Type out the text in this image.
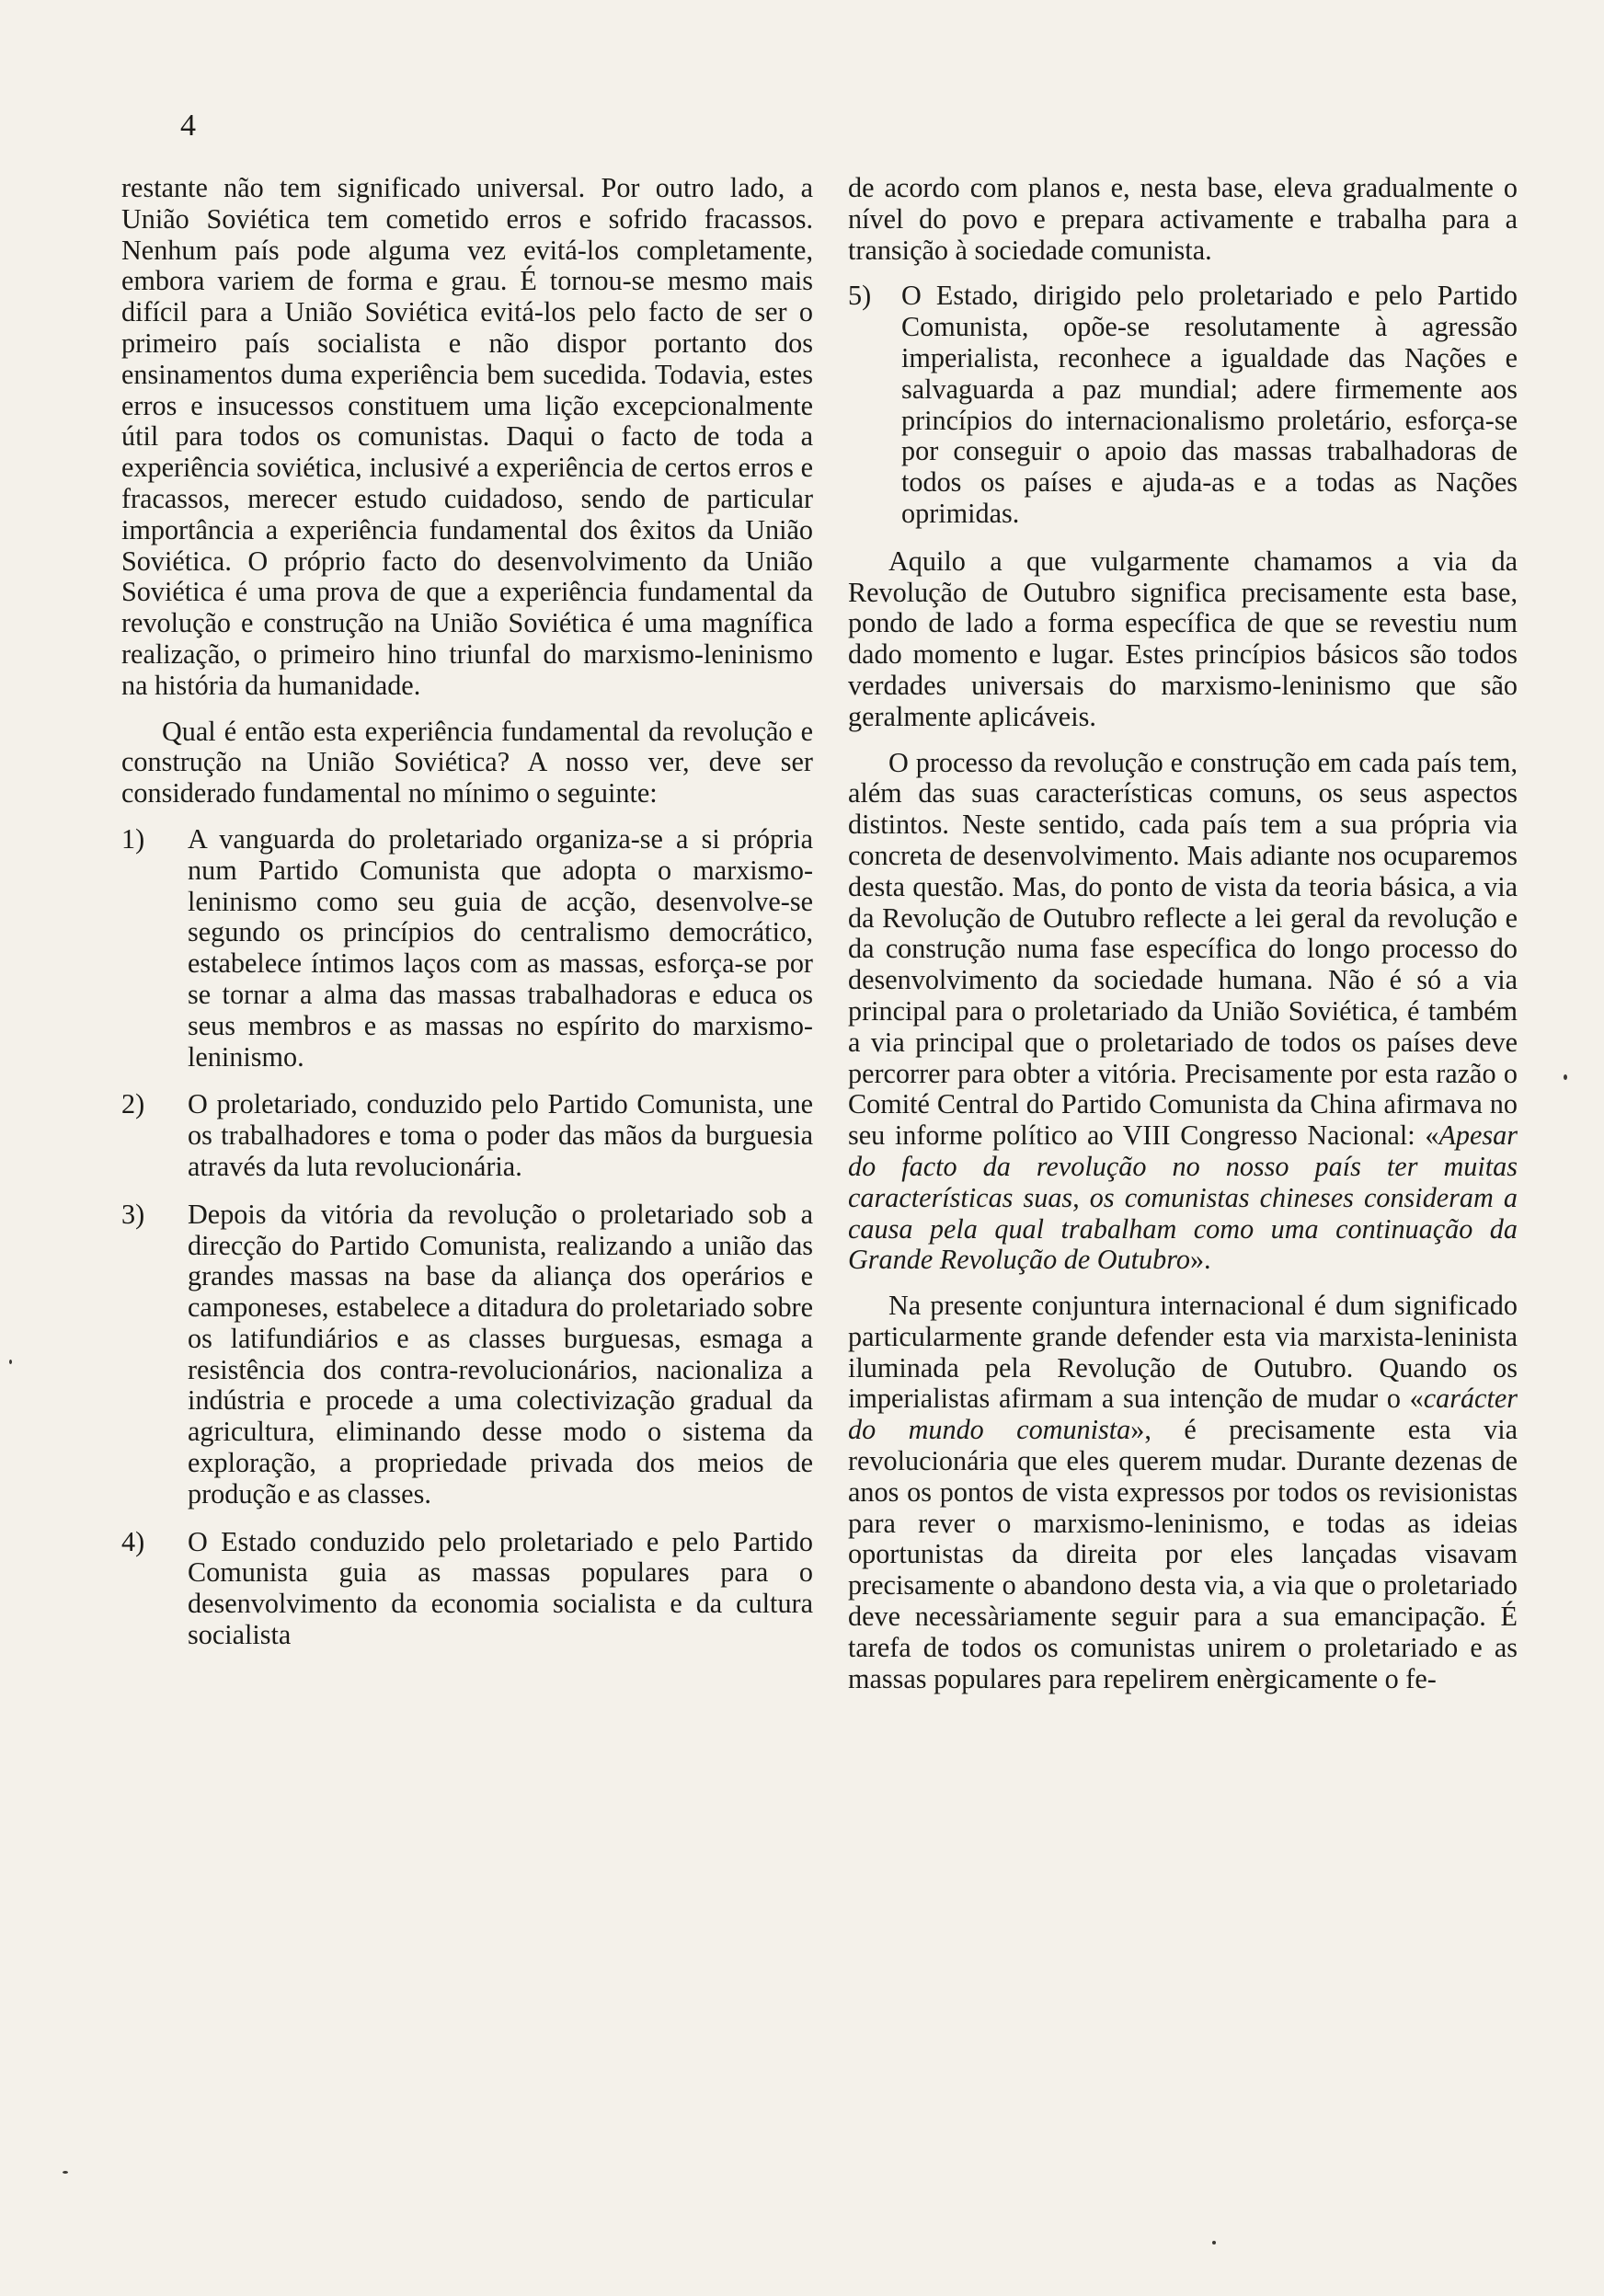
4

restante não tem significado universal. Por outro lado, a União Soviética tem cometido erros e sofrido fracassos. Nenhum país pode alguma vez evitá-los completamente, embora variem de forma e grau. É tornou-se mesmo mais difícil para a União Soviética evitá-los pelo facto de ser o primeiro país socialista e não dispor portanto dos ensinamentos duma experiência bem sucedida. Todavia, estes erros e insucessos constituem uma lição excepcionalmente útil para todos os comunistas. Daqui o facto de toda a experiência soviética, inclusivé a experiência de certos erros e fracassos, merecer estudo cuidadoso, sendo de particular importância a experiência fundamental dos êxitos da União Soviética. O próprio facto do desenvolvimento da União Soviética é uma prova de que a experiência fundamental da revolução e construção na União Soviética é uma magnífica realização, o primeiro hino triunfal do marxismo-leninismo na história da humanidade.

Qual é então esta experiência fundamental da revolução e construção na União Soviética? A nosso ver, deve ser considerado fundamental no mínimo o seguinte:

1)	A vanguarda do proletariado organiza-se a si própria num Partido Comunista que adopta o marxismo-leninismo como seu guia de acção, desenvolve-se segundo os princípios do centralismo democrático, estabelece íntimos laços com as massas, esforça-se por se tornar a alma das massas trabalhadoras e educa os seus membros e as massas no espírito do marxismo-leninismo.
2)	O proletariado, conduzido pelo Partido Comunista, une os trabalhadores e toma o poder das mãos da burguesia através da luta revolucionária.
3)	Depois da vitória da revolução o proletariado sob a direcção do Partido Comunista, realizando a união das grandes massas na base da aliança dos operários e camponeses, estabelece a ditadura do proletariado sobre os latifundiários e as classes burguesas, esmaga a resistência dos contra-revolucionários, nacionaliza a indústria e procede a uma colectivização gradual da agricultura, eliminando desse modo o sistema da exploração, a propriedade privada dos meios de produção e as classes.
4)	O Estado conduzido pelo proletariado e pelo Partido Comunista guia as massas populares para o desenvolvimento da economia socialista e da cultura socialista

de acordo com planos e, nesta base, eleva gradualmente o nível do povo e prepara activamente e trabalha para a transição à sociedade comunista.

5)	O Estado, dirigido pelo proletariado e pelo Partido Comunista, opõe-se resolutamente à agressão imperialista, reconhece a igualdade das Nações e salvaguarda a paz mundial; adere firmemente aos princípios do internacionalismo proletário, esforça-se por conseguir o apoio das massas trabalhadoras de todos os países e ajuda-as e a todas as Nações oprimidas.

Aquilo a que vulgarmente chamamos a via da Revolução de Outubro significa precisamente esta base, pondo de lado a forma específica de que se revestiu num dado momento e lugar. Estes princípios básicos são todos verdades universais do marxismo-leninismo que são geralmente aplicáveis.

O processo da revolução e construção em cada país tem, além das suas características comuns, os seus aspectos distintos. Neste sentido, cada país tem a sua própria via concreta de desenvolvimento. Mais adiante nos ocuparemos desta questão. Mas, do ponto de vista da teoria básica, a via da Revolução de Outubro reflecte a lei geral da revolução e da construção numa fase específica do longo processo do desenvolvimento da sociedade humana. Não é só a via principal para o proletariado da União Soviética, é também a via principal que o proletariado de todos os países deve percorrer para obter a vitória. Precisamente por esta razão o Comité Central do Partido Comunista da China afirmava no seu informe político ao VIII Congresso Nacional: «Apesar do facto da revolução no nosso país ter muitas características suas, os comunistas chineses consideram a causa pela qual trabalham como uma continuação da Grande Revolução de Outubro».

Na presente conjuntura internacional é dum significado particularmente grande defender esta via marxista-leninista iluminada pela Revolução de Outubro. Quando os imperialistas afirmam a sua intenção de mudar o «carácter do mundo comunista», é precisamente esta via revolucionária que eles querem mudar. Durante dezenas de anos os pontos de vista expressos por todos os revisionistas para rever o marxismo-leninismo, e todas as ideias oportunistas da direita por eles lançadas visavam precisamente o abandono desta via, a via que o proletariado deve necessàriamente seguir para a sua emancipação. É tarefa de todos os comunistas unirem o proletariado e as massas populares para repelirem enèrgicamente o fe-
